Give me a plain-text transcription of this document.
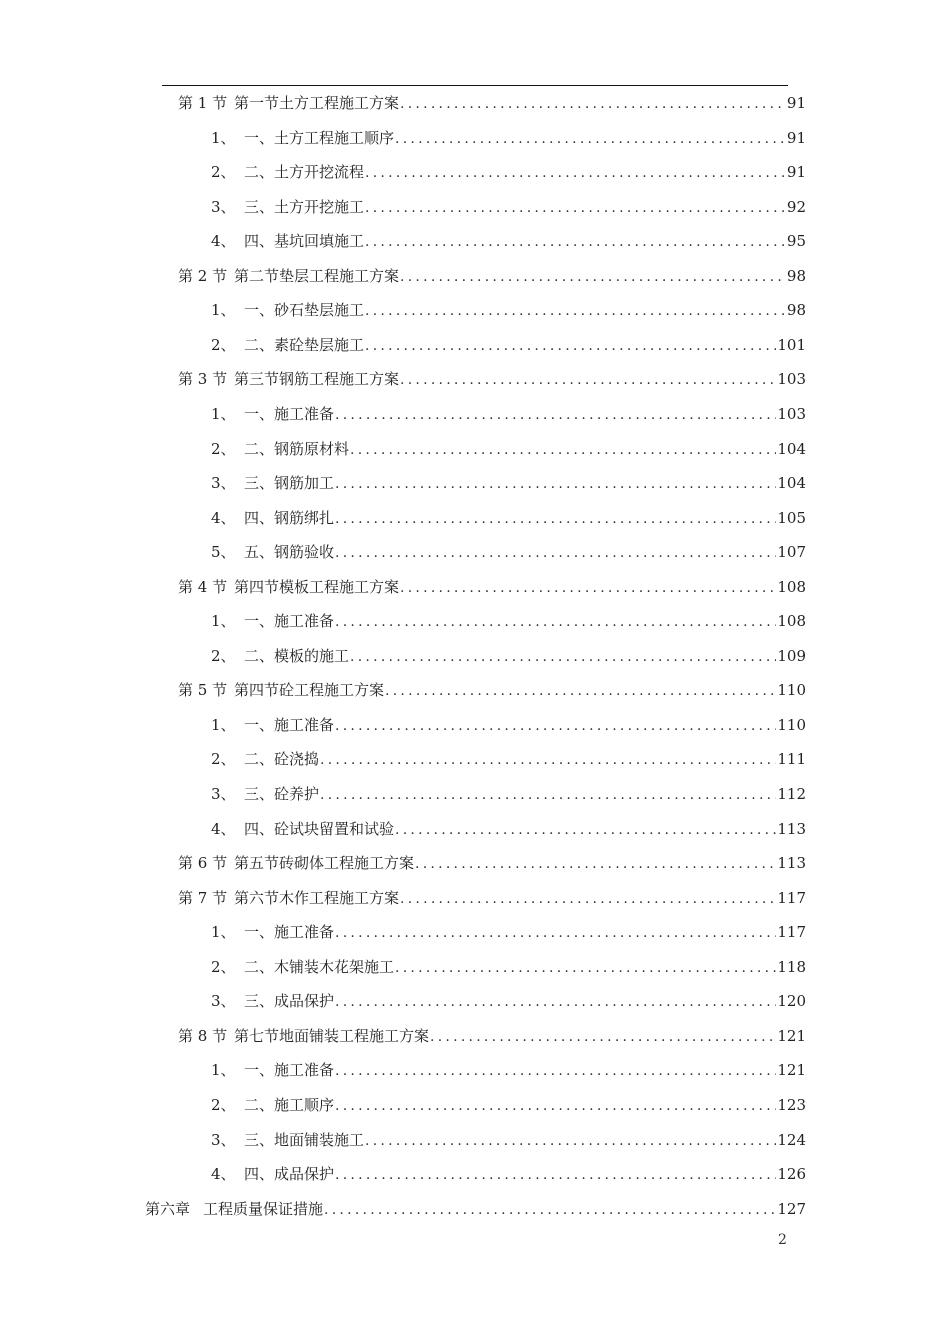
第 1 节 第一节土方工程施工方案 . . .	91
1、 一、土方工程施工顺序 . . .	91
2、 二、土方开挖流程 . . .	91
3、 三、土方开挖施工 . . .	92
4、 四、基坑回填施工 . . .	95
第 2 节 第二节垫层工程施工方案 . . .	98
1、 一、砂石垫层施工 . . .	98
2、 二、素砼垫层施工 . . .	101
第 3 节 第三节钢筋工程施工方案 . . .	103
1、 一、施工准备 . . .	103
2、 二、钢筋原材料 . . .	104
3、 三、钢筋加工 . . .	104
4、 四、钢筋绑扎 . . .	105
5、 五、钢筋验收 . . .	107
第 4 节 第四节模板工程施工方案 . . .	108
1、 一、施工准备 . . .	108
2、 二、模板的施工 . . .	109
第 5 节 第四节砼工程施工方案 . . .	110
1、 一、施工准备 . . .	110
2、 二、砼浇捣 . . .	111
3、 三、砼养护 . . .	112
4、 四、砼试块留置和试验 . . .	113
第 6 节 第五节砖砌体工程施工方案 . . .	113
第 7 节 第六节木作工程施工方案 . . .	117
1、 一、施工准备 . . .	117
2、 二、木铺装木花架施工 . . .	118
3、 三、成品保护 . . .	120
第 8 节 第七节地面铺装工程施工方案 . . .	121
1、 一、施工准备 . . .	121
2、 二、施工顺序 . . .	123
3、 三、地面铺装施工 . . .	124
4、 四、成品保护 . . .	126
第六章 工程质量保证措施 . . .	127
2
